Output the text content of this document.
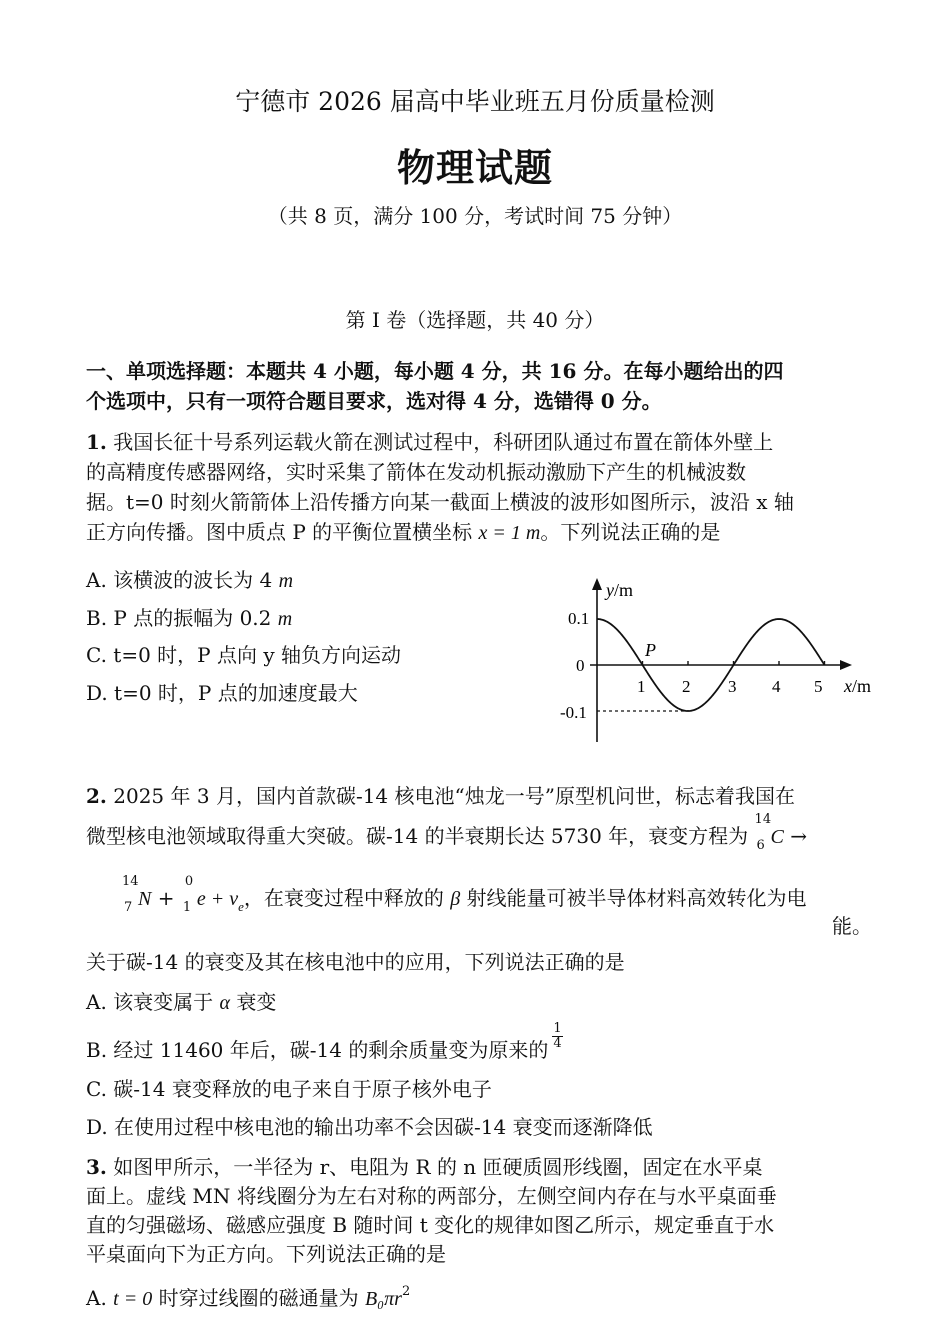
宁德市 2026 届高中毕业班五月份质量检测
物理试题
（共 8 页，满分 100 分，考试时间 75 分钟）
第 I 卷（选择题，共 40 分）
一、单项选择题：本题共 4 小题，每小题 4 分，共 16 分。在每小题给出的四
个选项中，只有一项符合题目要求，选对得 4 分，选错得 0 分。
1. 我国长征十号系列运载火箭在测试过程中，科研团队通过布置在箭体外壁上
的高精度传感器网络，实时采集了箭体在发动机振动激励下产生的机械波数
据。t=0 时刻火箭箭体上沿传播方向某一截面上横波的波形如图所示，波沿 x 轴
正方向传播。图中质点 P 的平衡位置横坐标 x = 1 m。下列说法正确的是
A. 该横波的波长为 4 m
B. P 点的振幅为 0.2 m
C. t=0 时，P 点向 y 轴负方向运动
D. t=0 时，P 点的加速度最大
y/m
x/m
0.1
0
-0.1
P
1 2 3 4 5
2. 2025 年 3 月，国内首款碳-14 核电池“烛龙一号”原型机问世，标志着我国在
微型核电池领域取得重大突破。碳-14 的半衰期长达 5730 年，衰变方程为
14
6 C →
14
7 N +
0
1 $e + \nu_e$，在衰变过程中释放的 β 射线能量可被半导体材料高效转化为电
能。
关于碳-14 的衰变及其在核电池中的应用，下列说法正确的是
A. 该衰变属于 α 衰变
B. 经过 11460 年后，碳-14 的剩余质量变为原来的 $\frac{1}{4}$
C. 碳-14 衰变释放的电子来自于原子核外电子
D. 在使用过程中核电池的输出功率不会因碳-14 衰变而逐渐降低
3. 如图甲所示，一半径为 r、电阻为 R 的 n 匝硬质圆形线圈，固定在水平桌
面上。虚线 MN 将线圈分为左右对称的两部分，左侧空间内存在与水平桌面垂
直的匀强磁场、磁感应强度 B 随时间 t 变化的规律如图乙所示，规定垂直于水
平桌面向下为正方向。下列说法正确的是
A. t = 0 时穿过线圈的磁通量为 $B_0\pi r^2$
